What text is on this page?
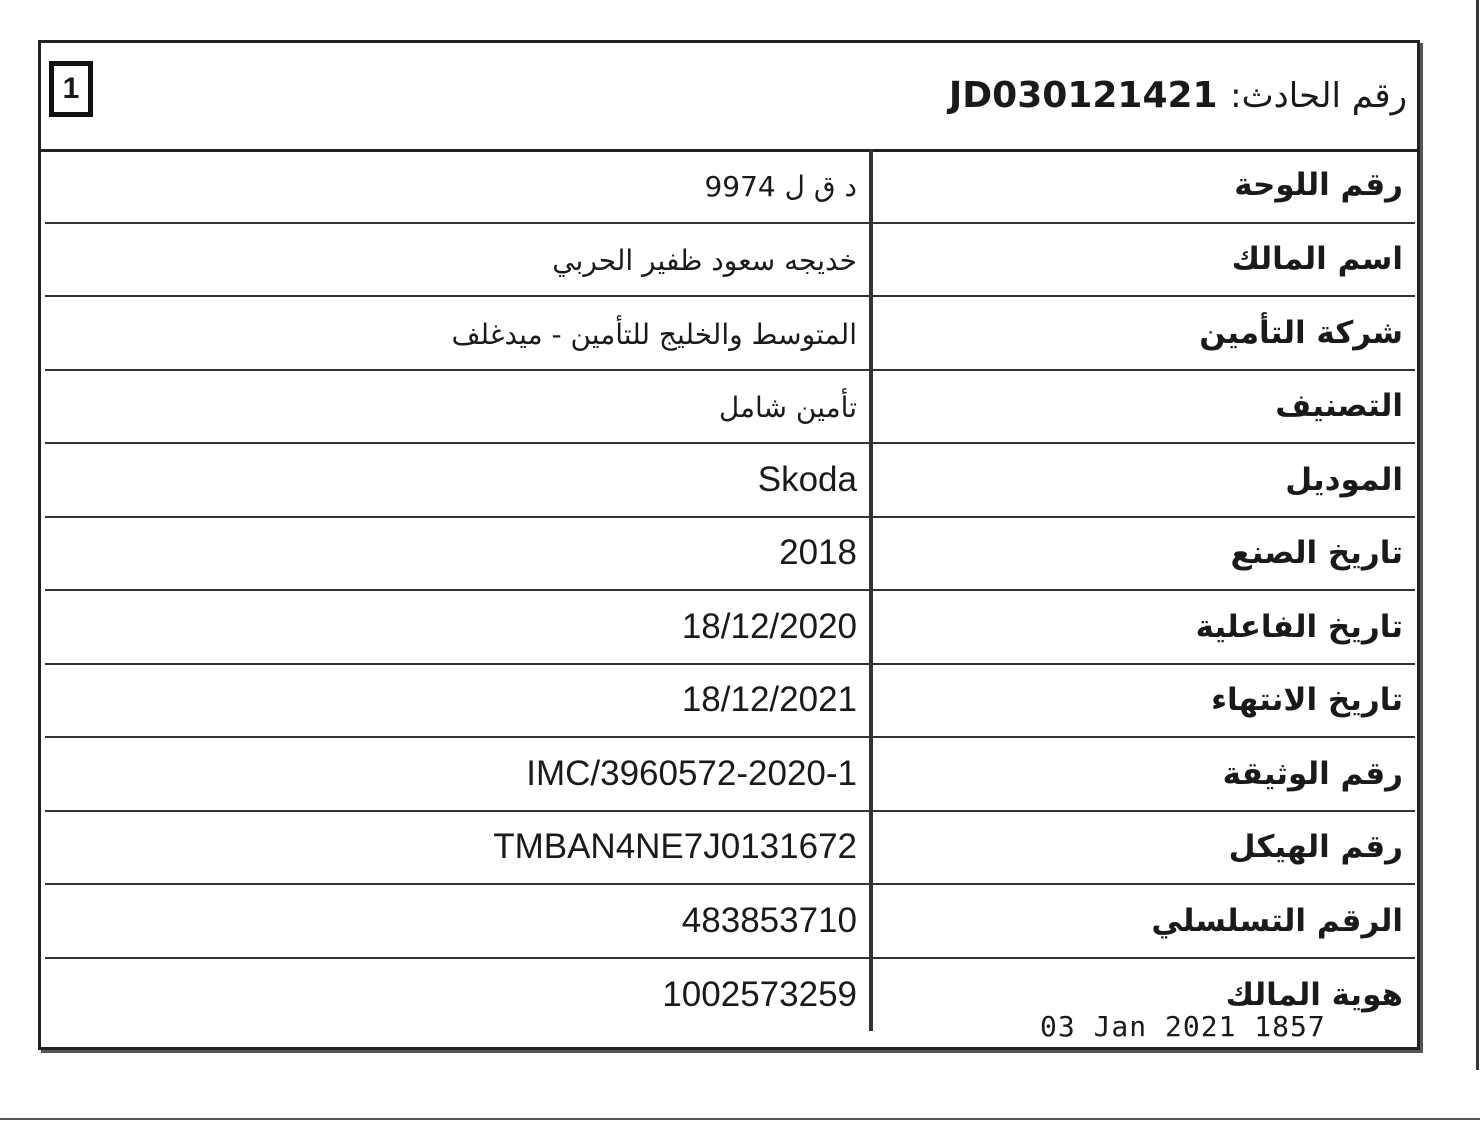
1	JD030121421 :رقم الحادث
د ق ل 9974	رقم اللوحة
خديجه سعود ظفير الحربي	اسم المالك
المتوسط والخليج للتأمين - ميدغلف	شركة التأمين
تأمين شامل	التصنيف
Skoda	الموديل
2018	تاريخ الصنع
18/12/2020	تاريخ الفاعلية
18/12/2021	تاريخ الانتهاء
IMC/3960572-2020-1	رقم الوثيقة
TMBAN4NE7J0131672	رقم الهيكل
483853710	الرقم التسلسلي
1002573259	هوية المالك
03 Jan 2021 1857
